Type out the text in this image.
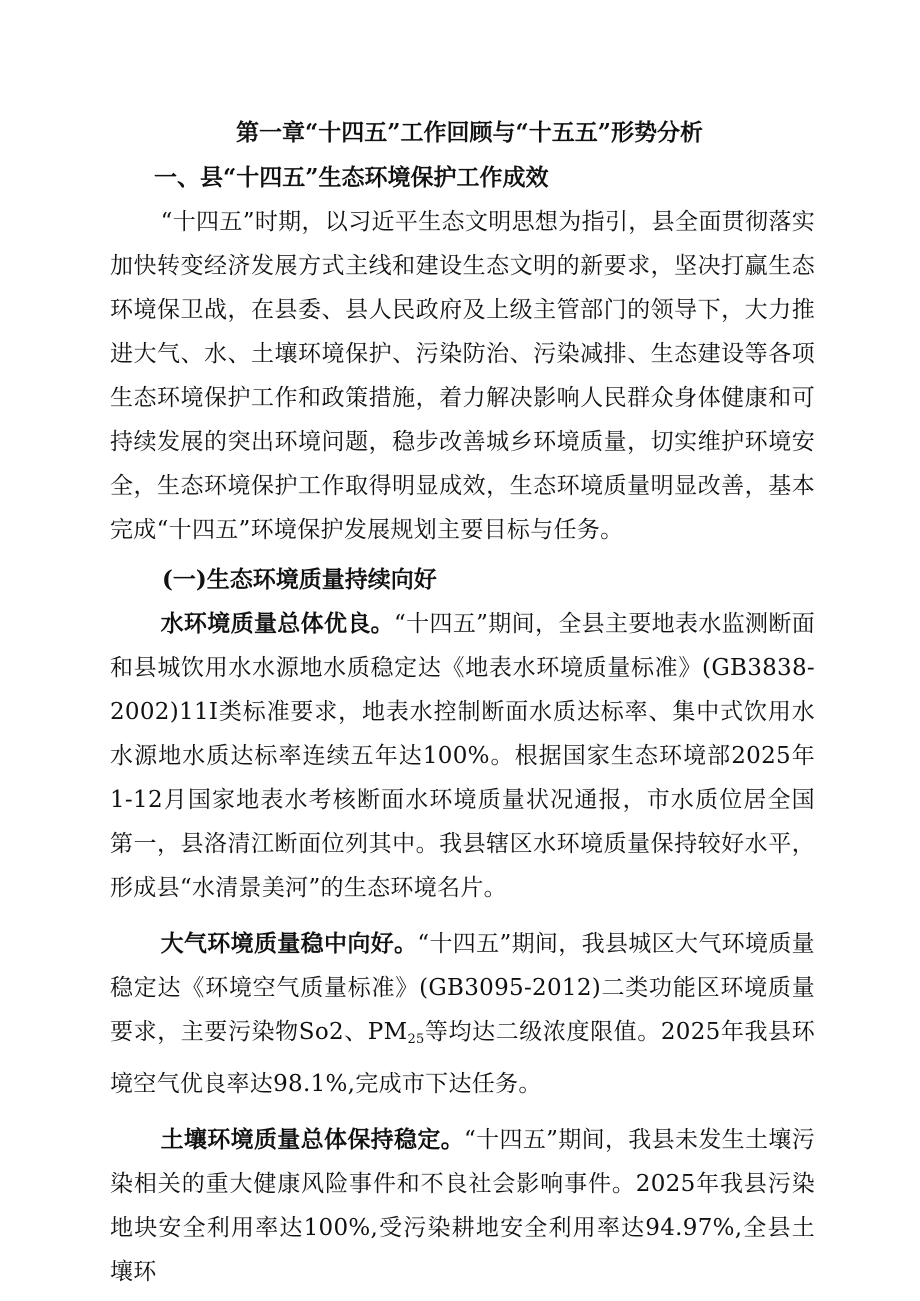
第一章“十四五”工作回顾与“十五五”形势分析
一、县“十四五”生态环境保护工作成效

“十四五”时期，以习近平生态文明思想为指引，县全面贯彻落实加快转变经济发展方式主线和建设生态文明的新要求，坚决打赢生态环境保卫战，在县委、县人民政府及上级主管部门的领导下，大力推进大气、水、土壤环境保护、污染防治、污染减排、生态建设等各项生态环境保护工作和政策措施，着力解决影响人民群众身体健康和可持续发展的突出环境问题，稳步改善城乡环境质量，切实维护环境安全，生态环境保护工作取得明显成效，生态环境质量明显改善，基本完成“十四五”环境保护发展规划主要目标与任务。

(一)生态环境质量持续向好

水环境质量总体优良。“十四五”期间，全县主要地表水监测断面和县城饮用水水源地水质稳定达《地表水环境质量标准》(GB3838-2002)11I类标准要求，地表水控制断面水质达标率、集中式饮用水水源地水质达标率连续五年达100%。根据国家生态环境部2025年1-12月国家地表水考核断面水环境质量状况通报，市水质位居全国第一，县洛清江断面位列其中。我县辖区水环境质量保持较好水平，形成县“水清景美河”的生态环境名片。

大气环境质量稳中向好。“十四五”期间，我县城区大气环境质量稳定达《环境空气质量标准》(GB3095-2012)二类功能区环境质量要求，主要污染物So2、$PM_{25}$等均达二级浓度限值。2025年我县环境空气优良率达98.1%,完成市下达任务。

土壤环境质量总体保持稳定。“十四五”期间，我县未发生土壤污染相关的重大健康风险事件和不良社会影响事件。2025年我县污染地块安全利用率达100%,受污染耕地安全利用率达94.97%,全县土壤环
